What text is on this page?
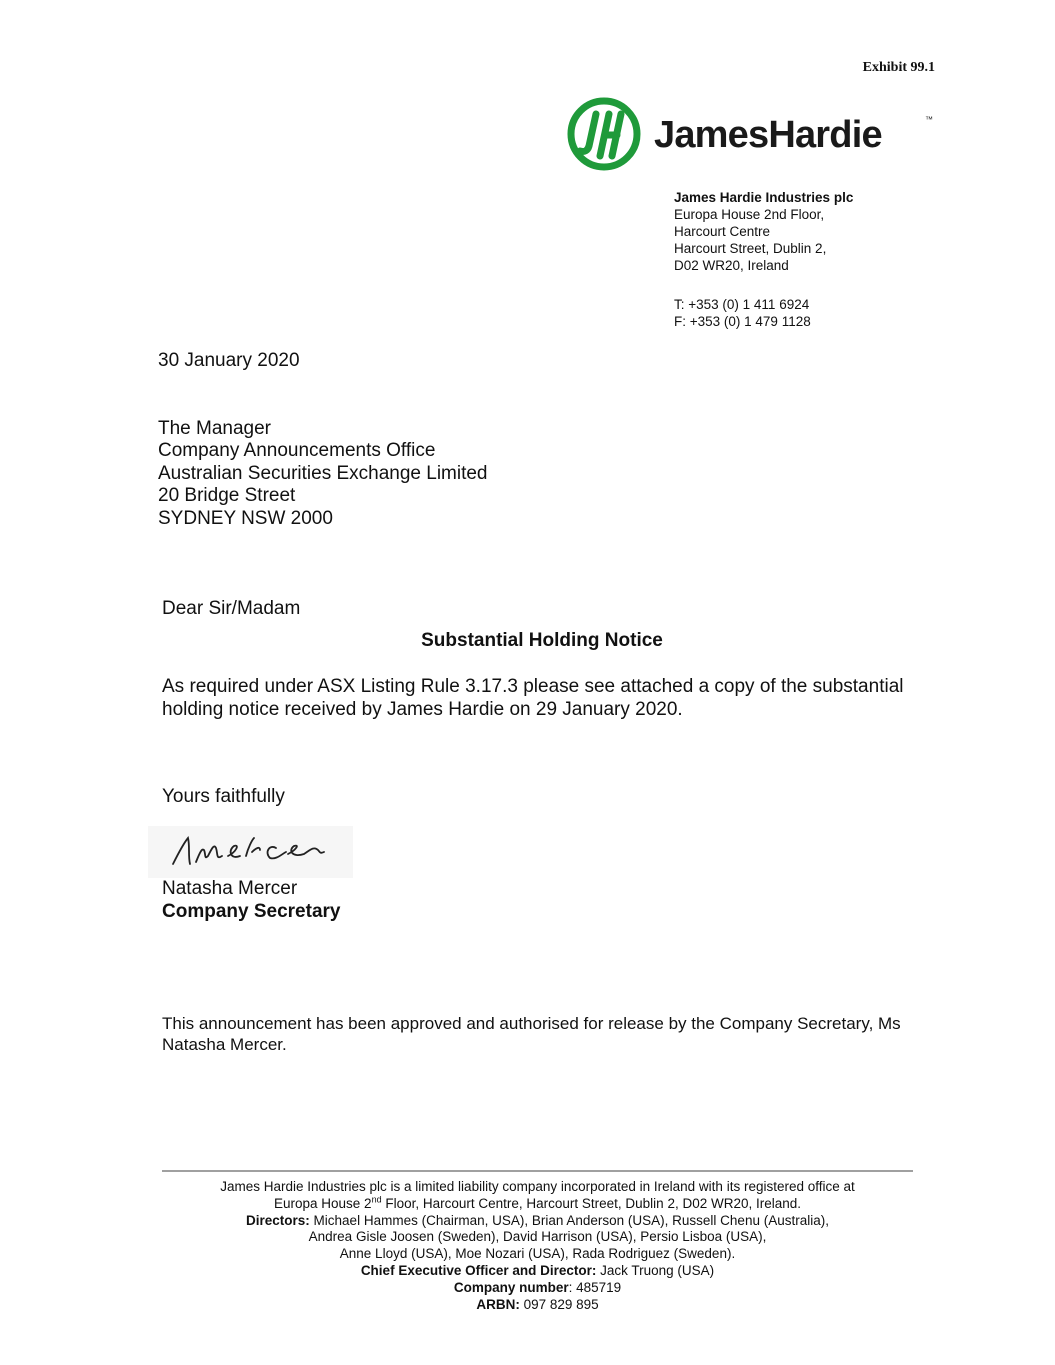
Exhibit 99.1
JamesHardie	™
James Hardie Industries plc
Europa House 2nd Floor,
Harcourt Centre
Harcourt Street, Dublin 2,
D02 WR20, Ireland
T: +353 (0) 1 411 6924
F: +353 (0) 1 479 1128
30 January 2020
The Manager
Company Announcements Office
Australian Securities Exchange Limited
20 Bridge Street
SYDNEY NSW 2000
Dear Sir/Madam
Substantial Holding Notice
As required under ASX Listing Rule 3.17.3 please see attached a copy of the substantial holding notice received by James Hardie on 29 January 2020.
Yours faithfully
Natasha Mercer
Company Secretary
This announcement has been approved and authorised for release by the Company Secretary, Ms Natasha Mercer.
James Hardie Industries plc is a limited liability company incorporated in Ireland with its registered office at
Europa House 2nd Floor, Harcourt Centre, Harcourt Street, Dublin 2, D02 WR20, Ireland.
Directors: Michael Hammes (Chairman, USA), Brian Anderson (USA), Russell Chenu (Australia),
Andrea Gisle Joosen (Sweden), David Harrison (USA), Persio Lisboa (USA),
Anne Lloyd (USA), Moe Nozari (USA), Rada Rodriguez (Sweden).
Chief Executive Officer and Director: Jack Truong (USA)
Company number: 485719
ARBN: 097 829 895
